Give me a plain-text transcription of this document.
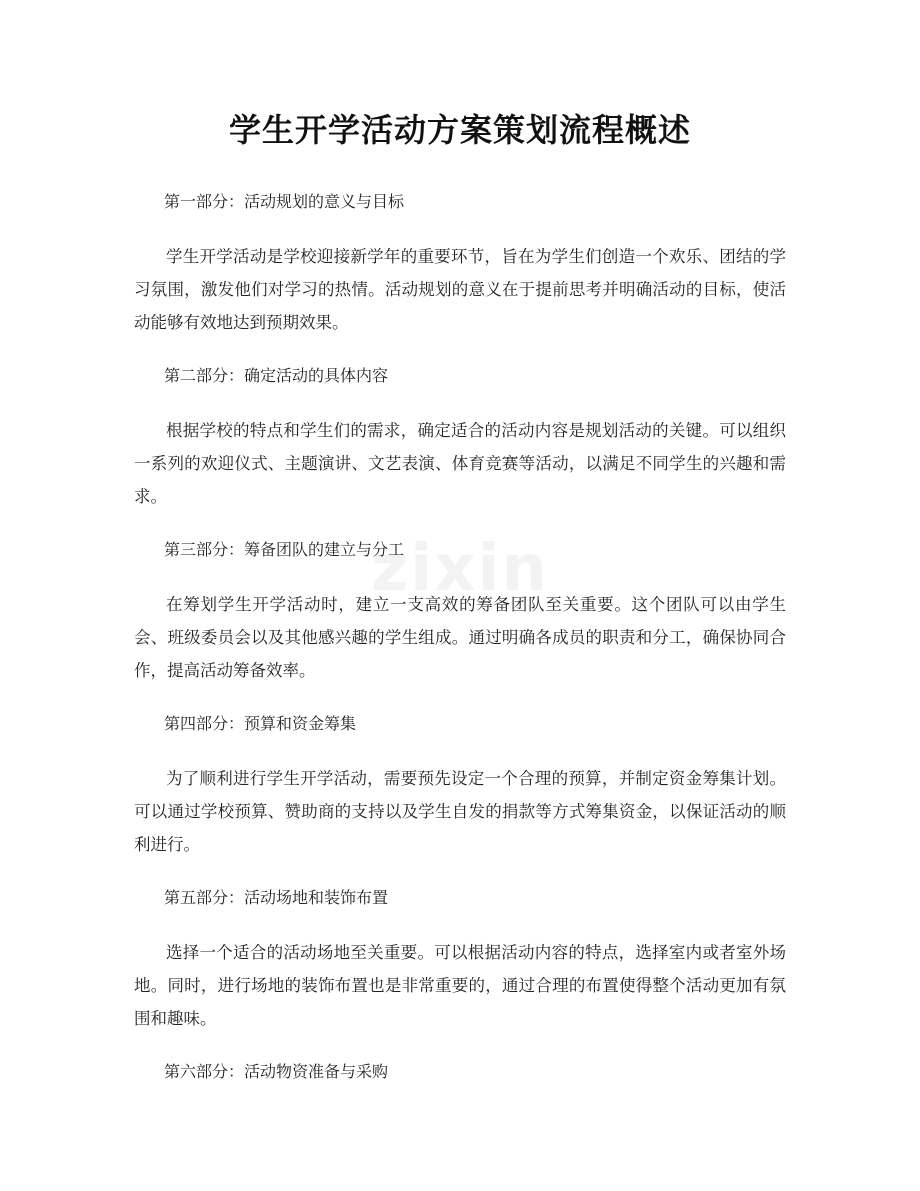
zixin
学生开学活动方案策划流程概述

第一部分：活动规划的意义与目标

学生开学活动是学校迎接新学年的重要环节，旨在为学生们创造一个欢乐、团结的学习氛围，激发他们对学习的热情。活动规划的意义在于提前思考并明确活动的目标，使活动能够有效地达到预期效果。

第二部分：确定活动的具体内容

根据学校的特点和学生们的需求，确定适合的活动内容是规划活动的关键。可以组织一系列的欢迎仪式、主题演讲、文艺表演、体育竞赛等活动，以满足不同学生的兴趣和需求。

第三部分：筹备团队的建立与分工

在筹划学生开学活动时，建立一支高效的筹备团队至关重要。这个团队可以由学生会、班级委员会以及其他感兴趣的学生组成。通过明确各成员的职责和分工，确保协同合作，提高活动筹备效率。

第四部分：预算和资金筹集

为了顺利进行学生开学活动，需要预先设定一个合理的预算，并制定资金筹集计划。可以通过学校预算、赞助商的支持以及学生自发的捐款等方式筹集资金，以保证活动的顺利进行。

第五部分：活动场地和装饰布置

选择一个适合的活动场地至关重要。可以根据活动内容的特点，选择室内或者室外场地。同时，进行场地的装饰布置也是非常重要的，通过合理的布置使得整个活动更加有氛围和趣味。

第六部分：活动物资准备与采购
